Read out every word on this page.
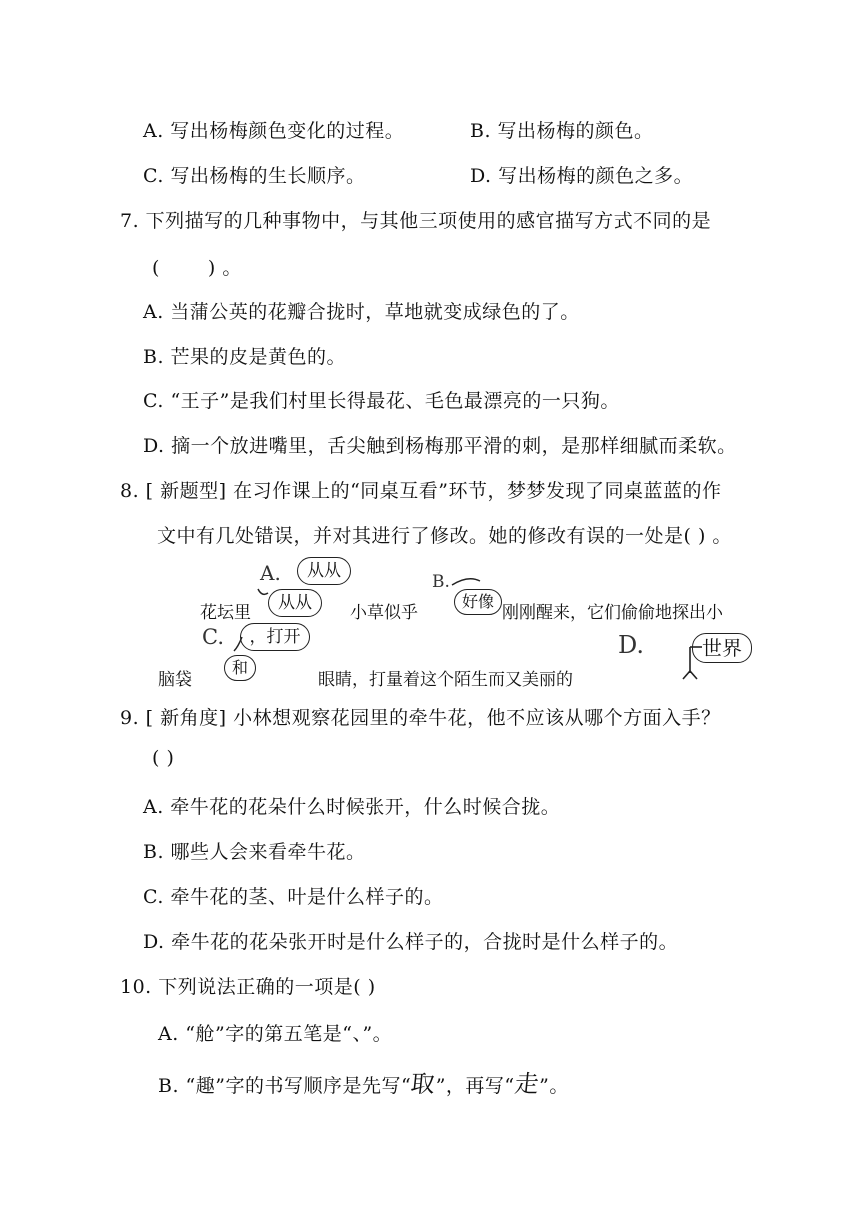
A. 写出杨梅颜色变化的过程。	B. 写出杨梅的颜色。
C. 写出杨梅的生长顺序。	D. 写出杨梅的颜色之多。
7. 下列描写的几种事物中，与其他三项使用的感官描写方式不同的是
(	) 。
A. 当蒲公英的花瓣合拢时，草地就变成绿色的了。
B. 芒果的皮是黄色的。
C. “王子”是我们村里长得最花、毛色最漂亮的一只狗。
D. 摘一个放进嘴里，舌尖触到杨梅那平滑的刺，是那样细腻而柔软。
8. [ 新题型] 在习作课上的“同桌互看”环节，梦梦发现了同桌蓝蓝的作
文中有几处错误，并对其进行了修改。她的修改有误的一处是( ) 。
A.	从从
B.
花坛里	从从	小草似乎
好像
刚刚醒来，它们偷偷地探出小
C.	，打开	D.	世界
脑袋
和
眼睛，打量着这个陌生而又美丽的
9. [ 新角度] 小林想观察花园里的牵牛花，他不应该从哪个方面入手？
( )
A. 牵牛花的花朵什么时候张开，什么时候合拢。
B. 哪些人会来看牵牛花。
C. 牵牛花的茎、叶是什么样子的。
D. 牵牛花的花朵张开时是什么样子的，合拢时是什么样子的。
10. 下列说法正确的一项是( )
A. “舱”字的第五笔是“、”。
B. “趣”字的书写顺序是先写“取”，再写“走”。
